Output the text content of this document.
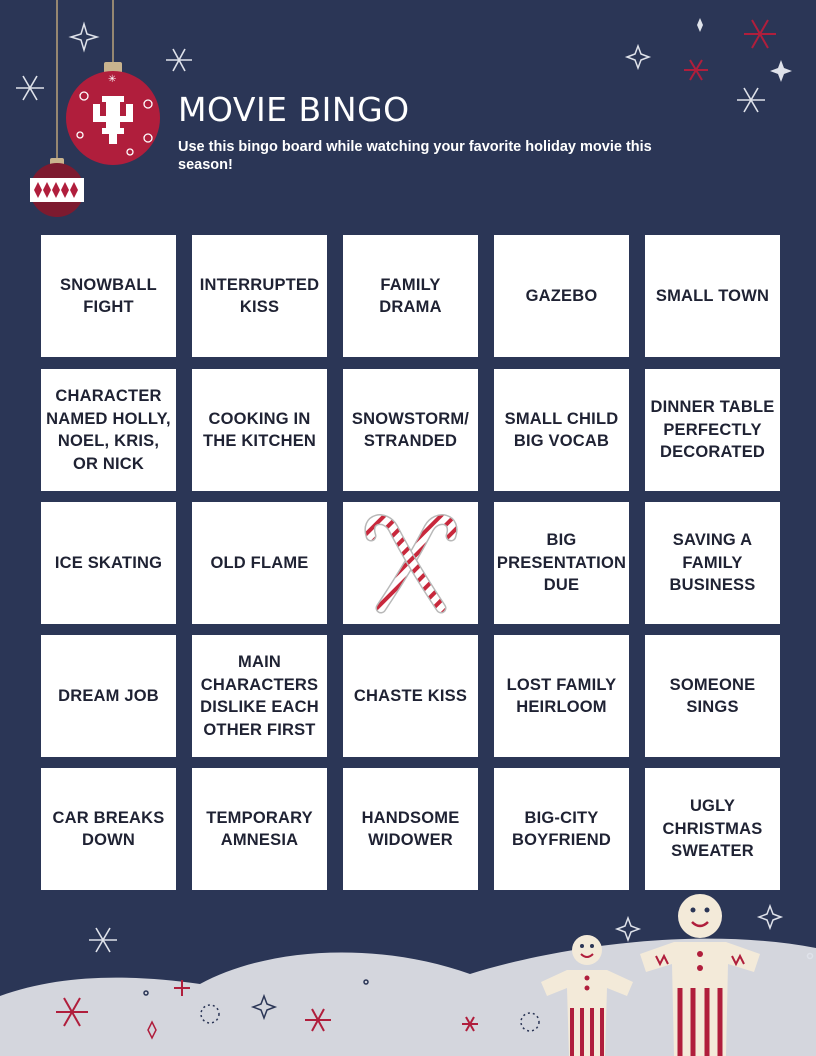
✳
MOVIE BINGO

Use this bingo board while watching your favorite holiday movie this season!

SNOWBALL FIGHT
INTERRUPTED KISS
FAMILY DRAMA
GAZEBO	SMALL TOWN
CHARACTER NAMED HOLLY, NOEL, KRIS, OR NICK
COOKING IN THE KITCHEN
SNOWSTORM/ STRANDED
SMALL CHILD BIG VOCAB
DINNER TABLE PERFECTLY DECORATED
ICE SKATING	OLD FLAME
BIG PRESENTATION DUE
SAVING A FAMILY BUSINESS
DREAM JOB
MAIN CHARACTERS DISLIKE EACH OTHER FIRST
CHASTE KISS
LOST FAMILY HEIRLOOM
SOMEONE SINGS
CAR BREAKS DOWN
TEMPORARY AMNESIA
HANDSOME WIDOWER
BIG-CITY BOYFRIEND
UGLY CHRISTMAS SWEATER
